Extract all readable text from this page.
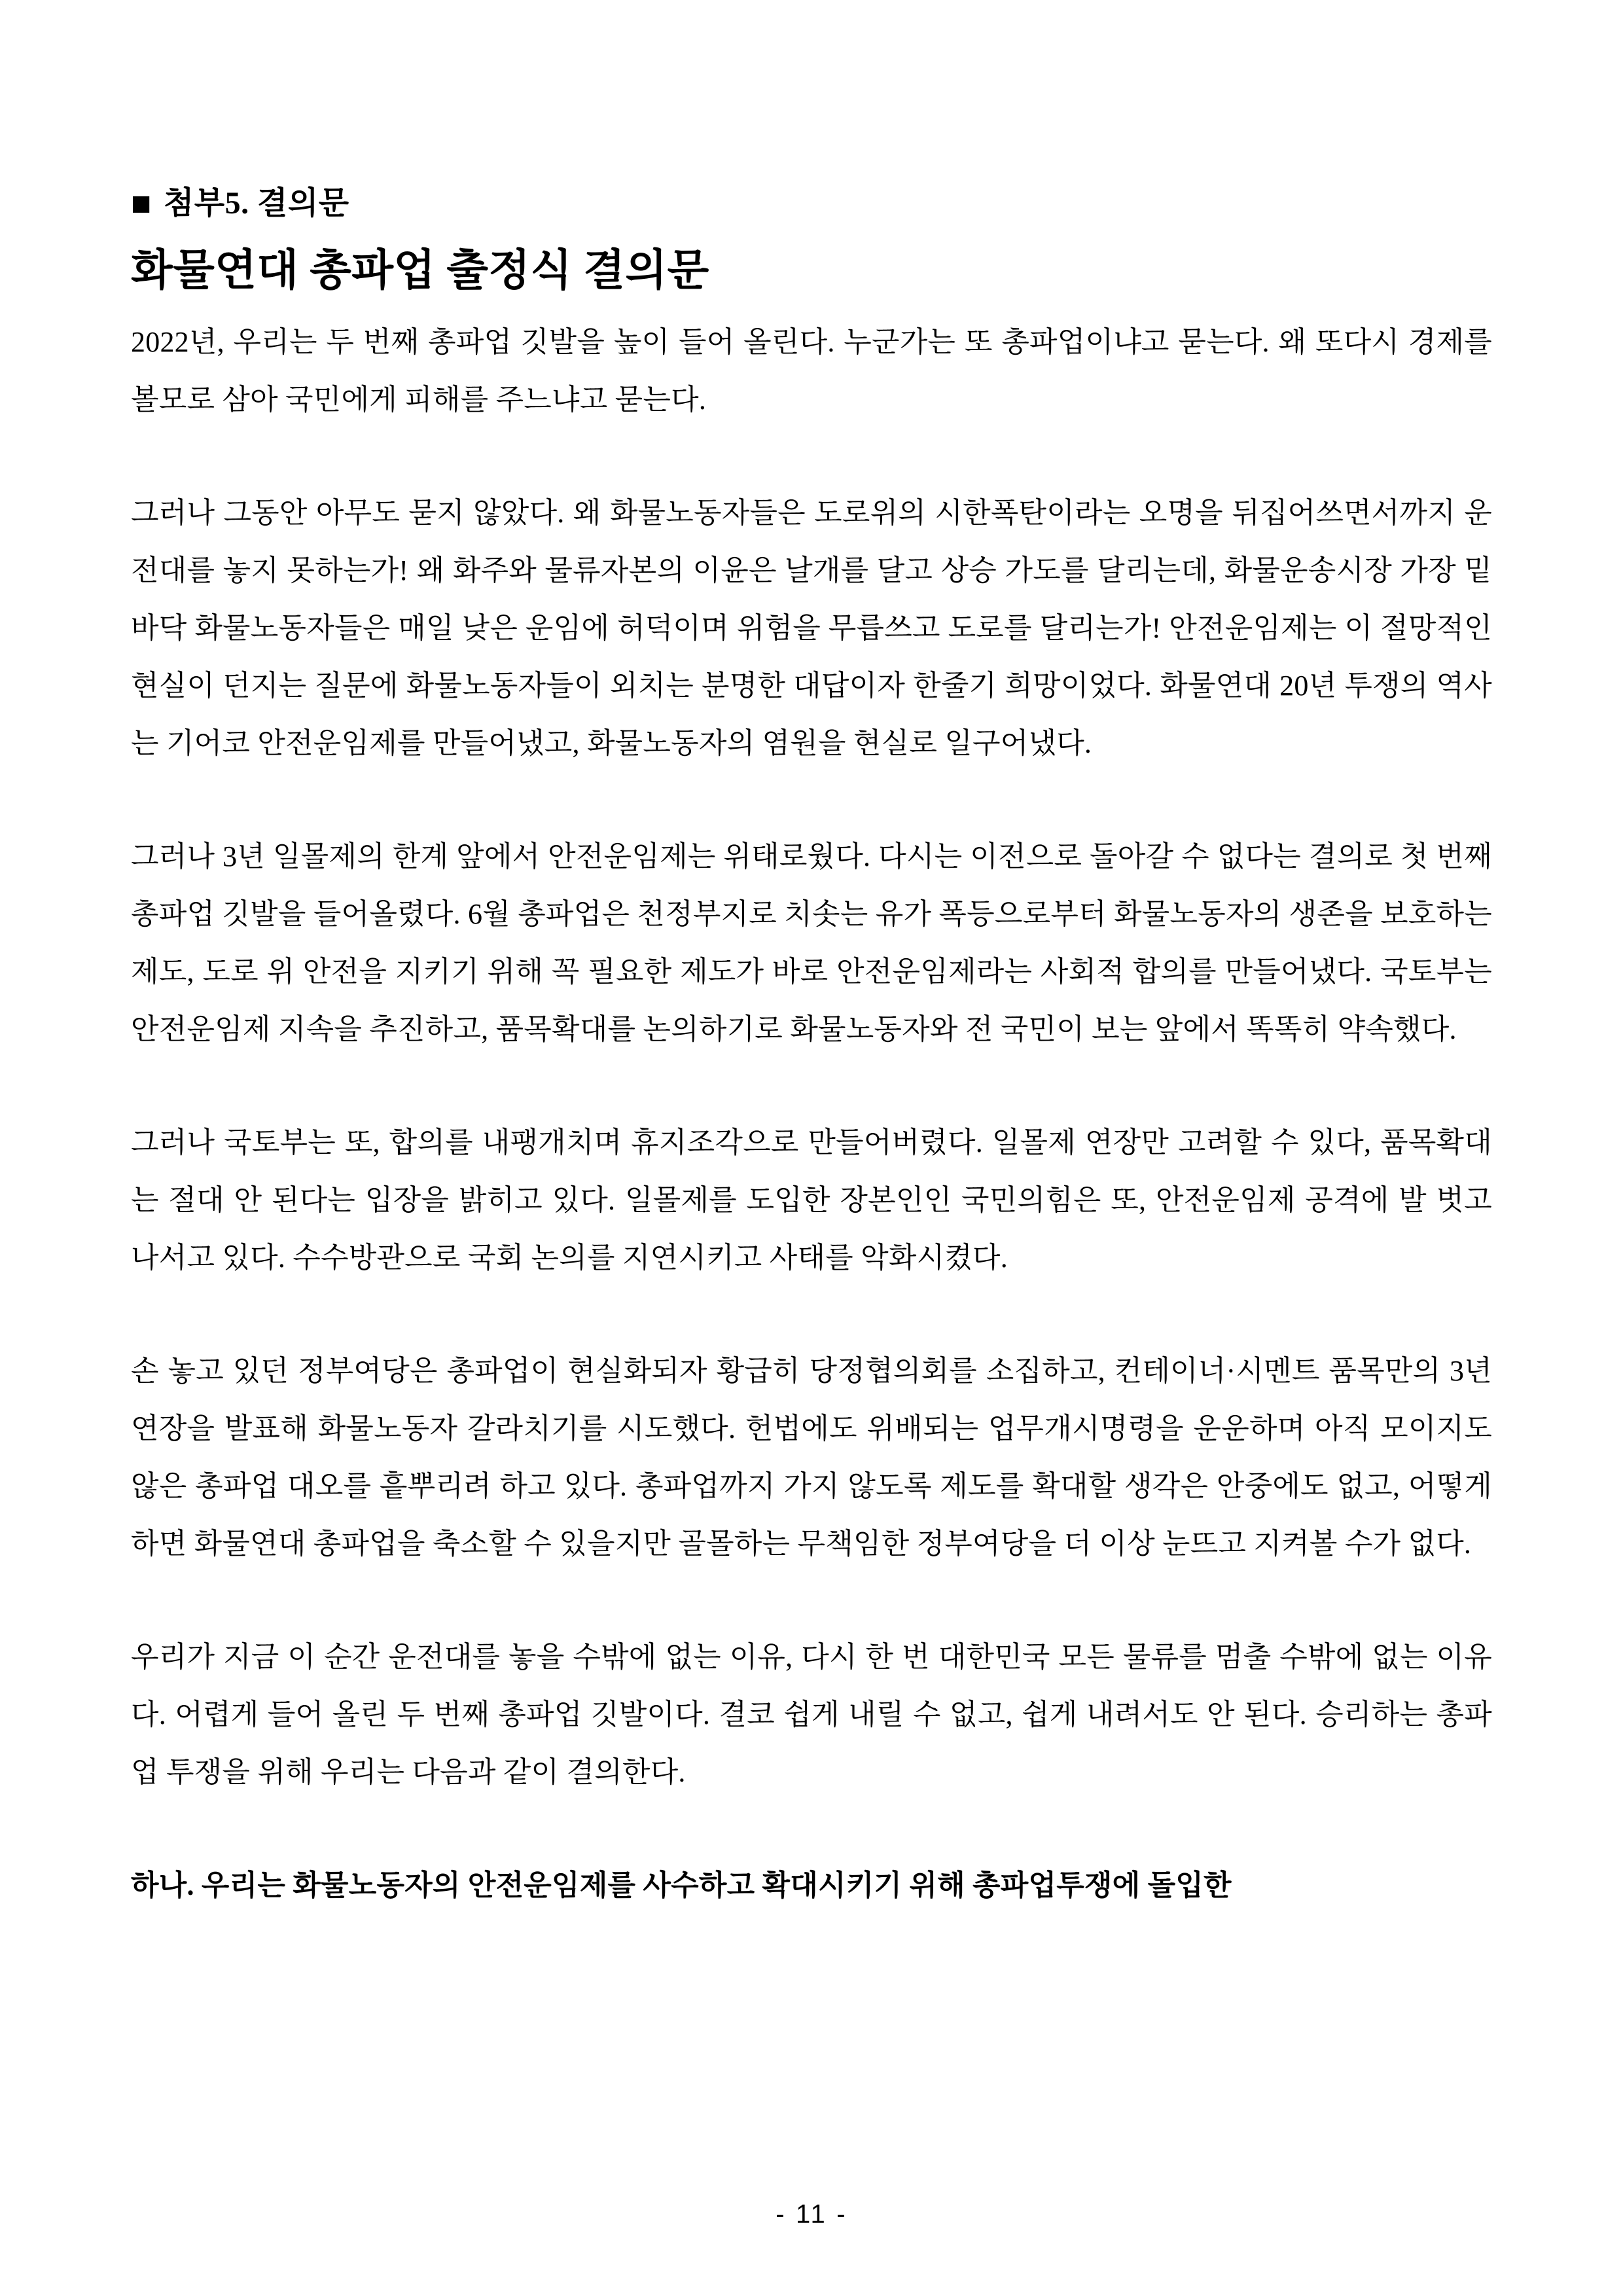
■ 첨부5. 결의문
화물연대 총파업 출정식 결의문

2022년, 우리는 두 번째 총파업 깃발을 높이 들어 올린다. 누군가는 또 총파업이냐고 묻는다. 왜 또다시 경제를 볼모로 삼아 국민에게 피해를 주느냐고 묻는다.

그러나 그동안 아무도 묻지 않았다. 왜 화물노동자들은 도로위의 시한폭탄이라는 오명을 뒤집어쓰면서까지 운전대를 놓지 못하는가! 왜 화주와 물류자본의 이윤은 날개를 달고 상승 가도를 달리는데, 화물운송시장 가장 밑바닥 화물노동자들은 매일 낮은 운임에 허덕이며 위험을 무릅쓰고 도로를 달리는가! 안전운임제는 이 절망적인 현실이 던지는 질문에 화물노동자들이 외치는 분명한 대답이자 한줄기 희망이었다. 화물연대 20년 투쟁의 역사는 기어코 안전운임제를 만들어냈고, 화물노동자의 염원을 현실로 일구어냈다.

그러나 3년 일몰제의 한계 앞에서 안전운임제는 위태로웠다. 다시는 이전으로 돌아갈 수 없다는 결의로 첫 번째 총파업 깃발을 들어올렸다. 6월 총파업은 천정부지로 치솟는 유가 폭등으로부터 화물노동자의 생존을 보호하는 제도, 도로 위 안전을 지키기 위해 꼭 필요한 제도가 바로 안전운임제라는 사회적 합의를 만들어냈다. 국토부는 안전운임제 지속을 추진하고, 품목확대를 논의하기로 화물노동자와 전 국민이 보는 앞에서 똑똑히 약속했다.

그러나 국토부는 또, 합의를 내팽개치며 휴지조각으로 만들어버렸다. 일몰제 연장만 고려할 수 있다, 품목확대는 절대 안 된다는 입장을 밝히고 있다. 일몰제를 도입한 장본인인 국민의힘은 또, 안전운임제 공격에 발 벗고 나서고 있다. 수수방관으로 국회 논의를 지연시키고 사태를 악화시켰다.

손 놓고 있던 정부여당은 총파업이 현실화되자 황급히 당정협의회를 소집하고, 컨테이너·시멘트 품목만의 3년 연장을 발표해 화물노동자 갈라치기를 시도했다. 헌법에도 위배되는 업무개시명령을 운운하며 아직 모이지도 않은 총파업 대오를 흩뿌리려 하고 있다. 총파업까지 가지 않도록 제도를 확대할 생각은 안중에도 없고, 어떻게 하면 화물연대 총파업을 축소할 수 있을지만 골몰하는 무책임한 정부여당을 더 이상 눈뜨고 지켜볼 수가 없다.

우리가 지금 이 순간 운전대를 놓을 수밖에 없는 이유, 다시 한 번 대한민국 모든 물류를 멈출 수밖에 없는 이유다. 어렵게 들어 올린 두 번째 총파업 깃발이다. 결코 쉽게 내릴 수 없고, 쉽게 내려서도 안 된다. 승리하는 총파업 투쟁을 위해 우리는 다음과 같이 결의한다.

하나. 우리는 화물노동자의 안전운임제를 사수하고 확대시키기 위해 총파업투쟁에 돌입한

- 11 -
